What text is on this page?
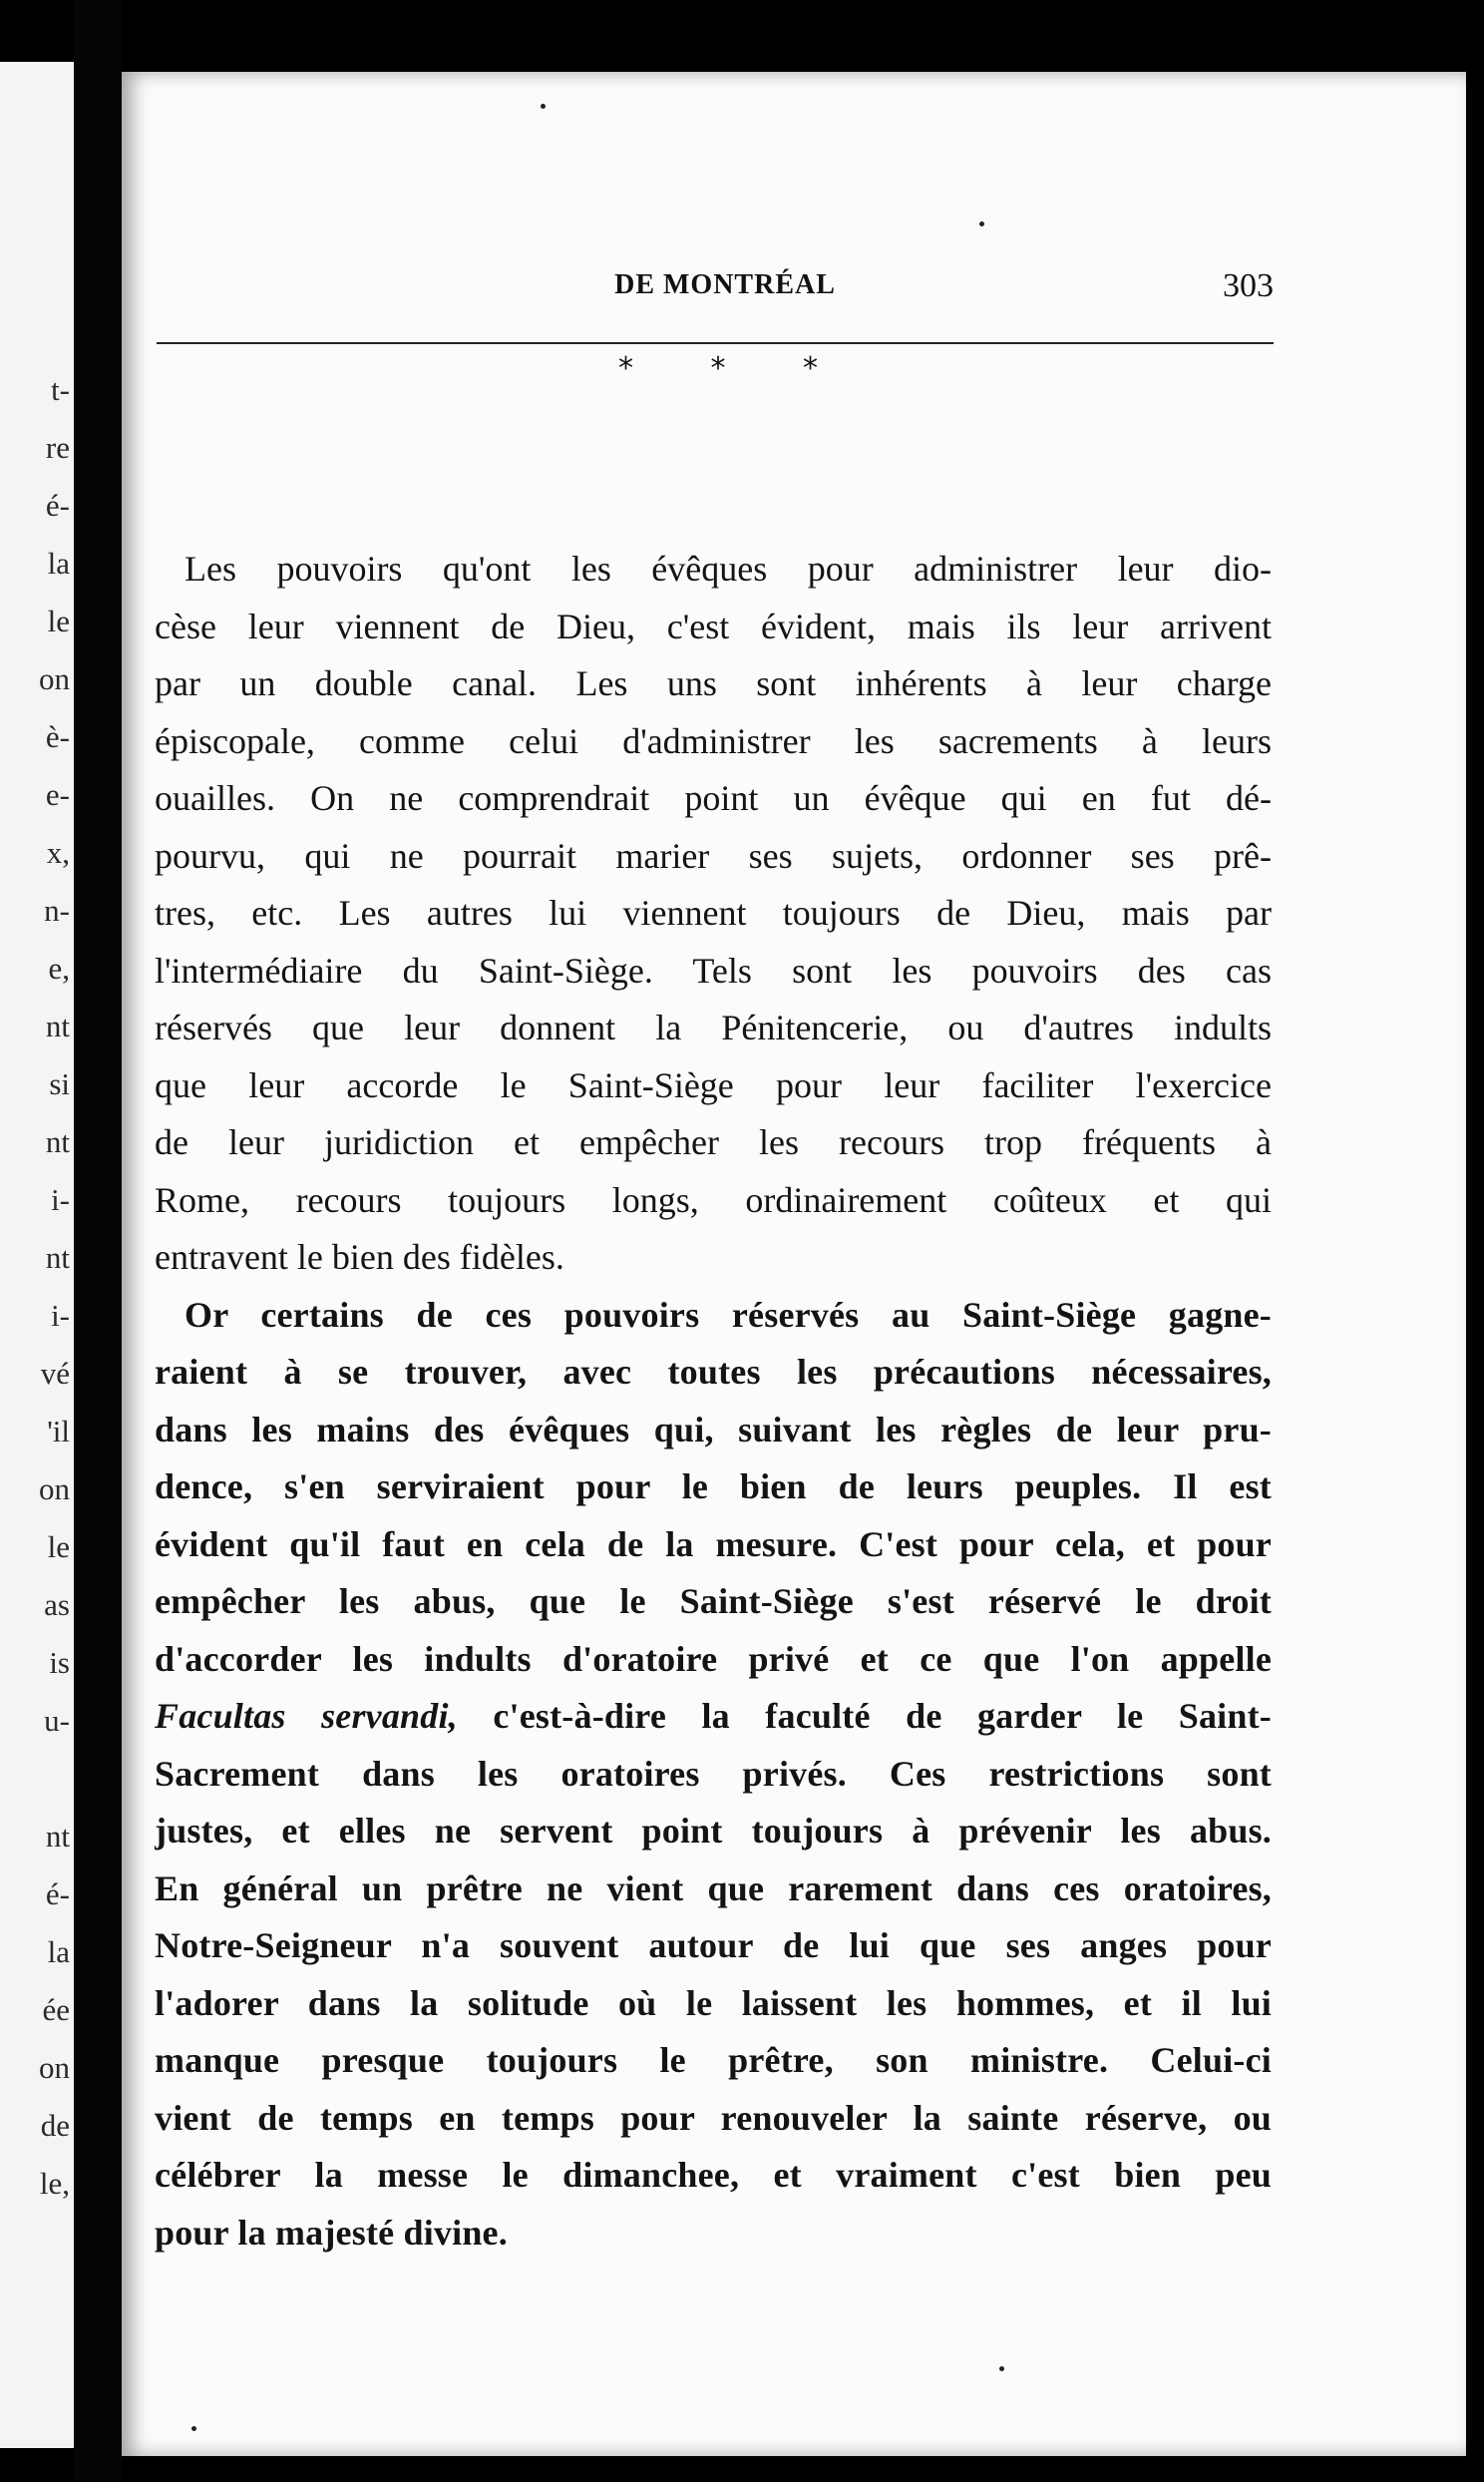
t-
re
é-
la
le
on
è-
e-
x,
n-
e,
nt
si
nt
i-
nt
i-
vé
'il
on
le
as
is
u-
nt
é-
la
ée
on
de
le,
DE MONTRÉAL	303
* * *
Les pouvoirs qu'ont les évêques pour administrer leur dio-
cèse leur viennent de Dieu, c'est évident, mais ils leur arrivent
par un double canal. Les uns sont inhérents à leur charge
épiscopale, comme celui d'administrer les sacrements à leurs
ouailles. On ne comprendrait point un évêque qui en fut dé-
pourvu, qui ne pourrait marier ses sujets, ordonner ses prê-
tres, etc. Les autres lui viennent toujours de Dieu, mais par
l'intermédiaire du Saint-Siège. Tels sont les pouvoirs des cas
réservés que leur donnent la Pénitencerie, ou d'autres indults
que leur accorde le Saint-Siège pour leur faciliter l'exercice
de leur juridiction et empêcher les recours trop fréquents à
Rome, recours toujours longs, ordinairement coûteux et qui
entravent le bien des fidèles.
Or certains de ces pouvoirs réservés au Saint-Siège gagne-
raient à se trouver, avec toutes les précautions nécessaires,
dans les mains des évêques qui, suivant les règles de leur pru-
dence, s'en serviraient pour le bien de leurs peuples. Il est
évident qu'il faut en cela de la mesure. C'est pour cela, et pour
empêcher les abus, que le Saint-Siège s'est réservé le droit
d'accorder les indults d'oratoire privé et ce que l'on appelle
Facultas servandi, c'est-à-dire la faculté de garder le Saint-
Sacrement dans les oratoires privés. Ces restrictions sont
justes, et elles ne servent point toujours à prévenir les abus.
En général un prêtre ne vient que rarement dans ces oratoires,
Notre-Seigneur n'a souvent autour de lui que ses anges pour
l'adorer dans la solitude où le laissent les hommes, et il lui
manque presque toujours le prêtre, son ministre. Celui-ci
vient de temps en temps pour renouveler la sainte réserve, ou
célébrer la messe le dimanchee, et vraiment c'est bien peu
pour la majesté divine.
